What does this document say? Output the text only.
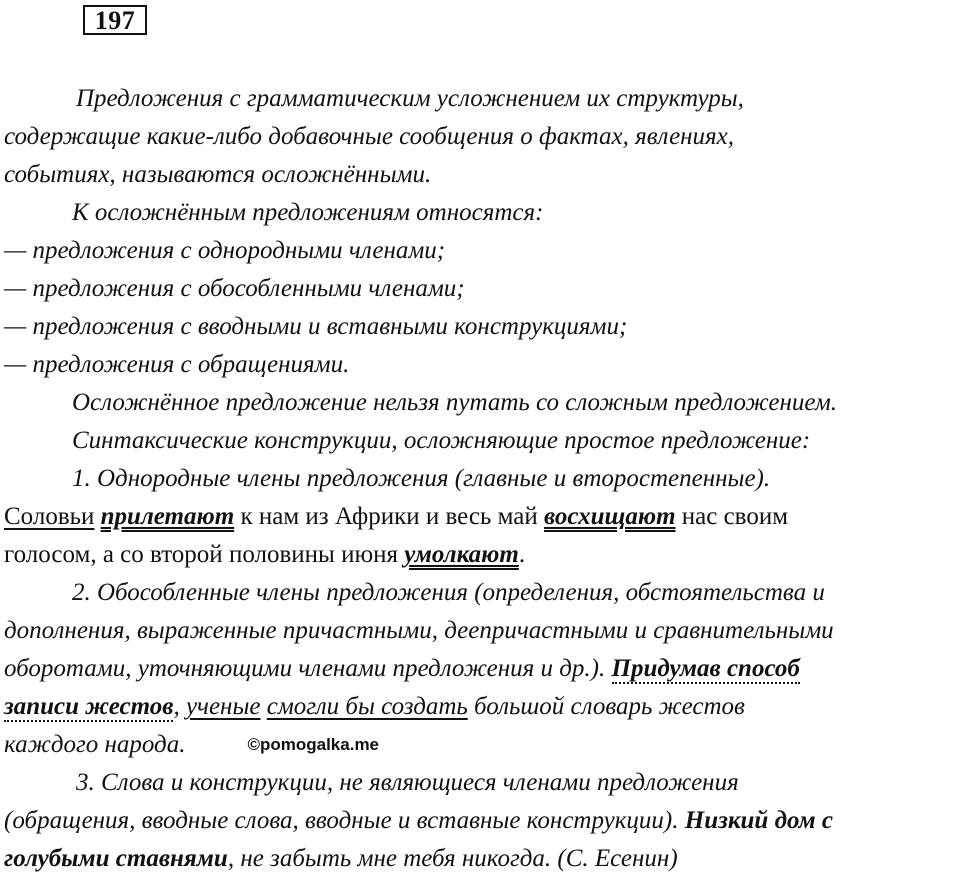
197
Предложения с грамматическим усложнением их структуры,
содержащие какие-либо добавочные сообщения о фактах, явлениях,
событиях, называются осложнёнными.
К осложнённым предложениям относятся:
— предложения с однородными членами;
— предложения с обособленными членами;
— предложения с вводными и вставными конструкциями;
— предложения с обращениями.
Осложнённое предложение нельзя путать со сложным предложением.
Синтаксические конструкции, осложняющие простое предложение:
1. Однородные члены предложения (главные и второстепенные).
Соловьи прилетают к нам из Африки и весь май восхищают нас своим
голосом, а со второй половины июня умолкают.
2. Обособленные члены предложения (определения, обстоятельства и
дополнения, выраженные причастными, деепричастными и сравнительными
оборотами, уточняющими членами предложения и др.). Придумав способ
записи жестов, ученые смогли бы создать большой словарь жестов
каждого народа.	©pomogalka.me
3. Слова и конструкции, не являющиеся членами предложения
(обращения, вводные слова, вводные и вставные конструкции). Низкий дом с
голубыми ставнями, не забыть мне тебя никогда. (С. Есенин)
